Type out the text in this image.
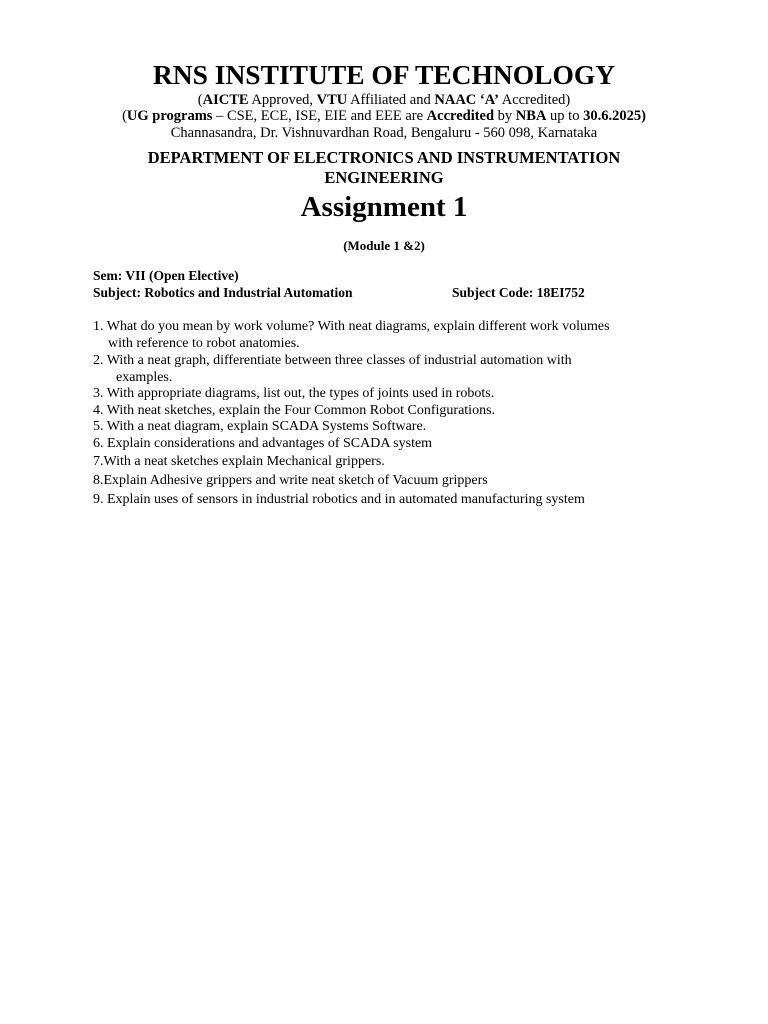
RNS INSTITUTE OF TECHNOLOGY
(AICTE Approved, VTU Affiliated and NAAC ‘A’ Accredited)
(UG programs – CSE, ECE, ISE, EIE and EEE are Accredited by NBA up to 30.6.2025)
Channasandra, Dr. Vishnuvardhan Road, Bengaluru - 560 098, Karnataka
DEPARTMENT OF ELECTRONICS AND INSTRUMENTATION
ENGINEERING
Assignment 1
(Module 1 &2)
Sem: VII (Open Elective)
Subject: Robotics and Industrial Automation	Subject Code: 18EI752
1. What do you mean by work volume? With neat diagrams, explain different work volumes
with reference to robot anatomies.
2. With a neat graph, differentiate between three classes of industrial automation with
examples.
3. With appropriate diagrams, list out, the types of joints used in robots.
4. With neat sketches, explain the Four Common Robot Configurations.
5. With a neat diagram, explain SCADA Systems Software.
6. Explain considerations and advantages of SCADA system
7.With a neat sketches explain Mechanical grippers.
8.Explain Adhesive grippers and write neat sketch of Vacuum grippers
9. Explain uses of sensors in industrial robotics and in automated manufacturing system
